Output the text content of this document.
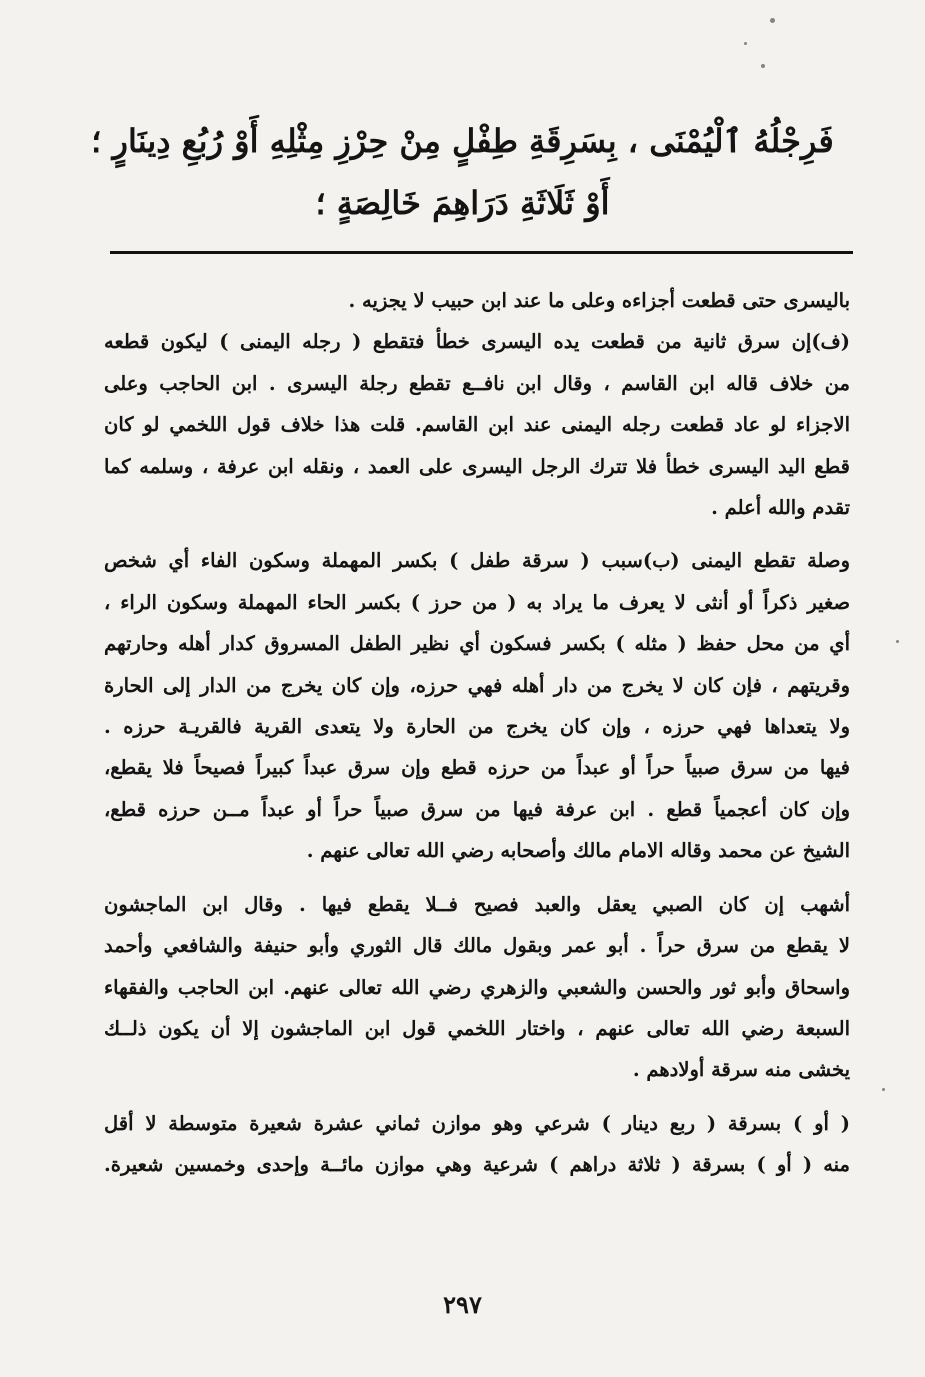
فَرِجْلُهُ ٱلْيُمْنَى ، بِسَرِقَةِ طِفْلٍ مِنْ حِرْزِ مِثْلِهِ أَوْ رُبُعِ دِينَارٍ ؛
أَوْ ثَلَاثَةِ دَرَاهِمَ خَالِصَةٍ ؛

باليسرى حتى قطعت أجزاءه وعلى ما عند ابن حبيب لا يجزيه .

(ف)إن سرق ثانية من قطعت يده اليسرى خطأ فتقطع ( رجله اليمنى ) ليكون قطعه
من خلاف قاله ابن القاسم ، وقال ابن نافــع تقطع رجلة اليسرى . ابن الحاجب وعلى
الاجزاء لو عاد قطعت رجله اليمنى عند ابن القاسم. قلت هذا خلاف قول اللخمي لو كان
قطع اليد اليسرى خطأ فلا تترك الرجل اليسرى على العمد ، ونقله ابن عرفة ، وسلمه كما
تقدم والله أعلم .

وصلة تقطع اليمنى (ب)سبب ( سرقة طفل ) بكسر المهملة وسكون الفاء أي شخص
صغير ذكراً أو أنثى لا يعرف ما يراد به ( من حرز ) بكسر الحاء المهملة وسكون الراء ،
أي من محل حفظ ( مثله ) بكسر فسكون أي نظير الطفل المسروق كدار أهله وحارتهم
وقريتهم ، فإن كان لا يخرج من دار أهله فهي حرزه، وإن كان يخرج من الدار إلى الحارة
ولا يتعداها فهي حرزه ، وإن كان يخرج من الحارة ولا يتعدى القرية فالقريـة حرزه .
فيها من سرق صبياً حراً أو عبداً من حرزه قطع وإن سرق عبداً كبيراً فصيحاً فلا يقطع،
وإن كان أعجمياً قطع . ابن عرفة فيها من سرق صبياً حراً أو عبداً مــن حرزه قطع،
الشيخ عن محمد وقاله الامام مالك وأصحابه رضي الله تعالى عنهم .

أشهب إن كان الصبي يعقل والعبد فصيح فــلا يقطع فيها . وقال ابن الماجشون
لا يقطع من سرق حراً . أبو عمر وبقول مالك قال الثوري وأبو حنيفة والشافعي وأحمد
واسحاق وأبو ثور والحسن والشعبي والزهري رضي الله تعالى عنهم. ابن الحاجب والفقهاء
السبعة رضي الله تعالى عنهم ، واختار اللخمي قول ابن الماجشون إلا أن يكون ذلــك
يخشى منه سرقة أولادهم .

( أو ) بسرقة ( ربع دينار ) شرعي وهو موازن ثماني عشرة شعيرة متوسطة لا أقل
منه ( أو ) بسرقة ( ثلاثة دراهم ) شرعية وهي موازن مائــة وإحدى وخمسين شعيرة.

٢٩٧
